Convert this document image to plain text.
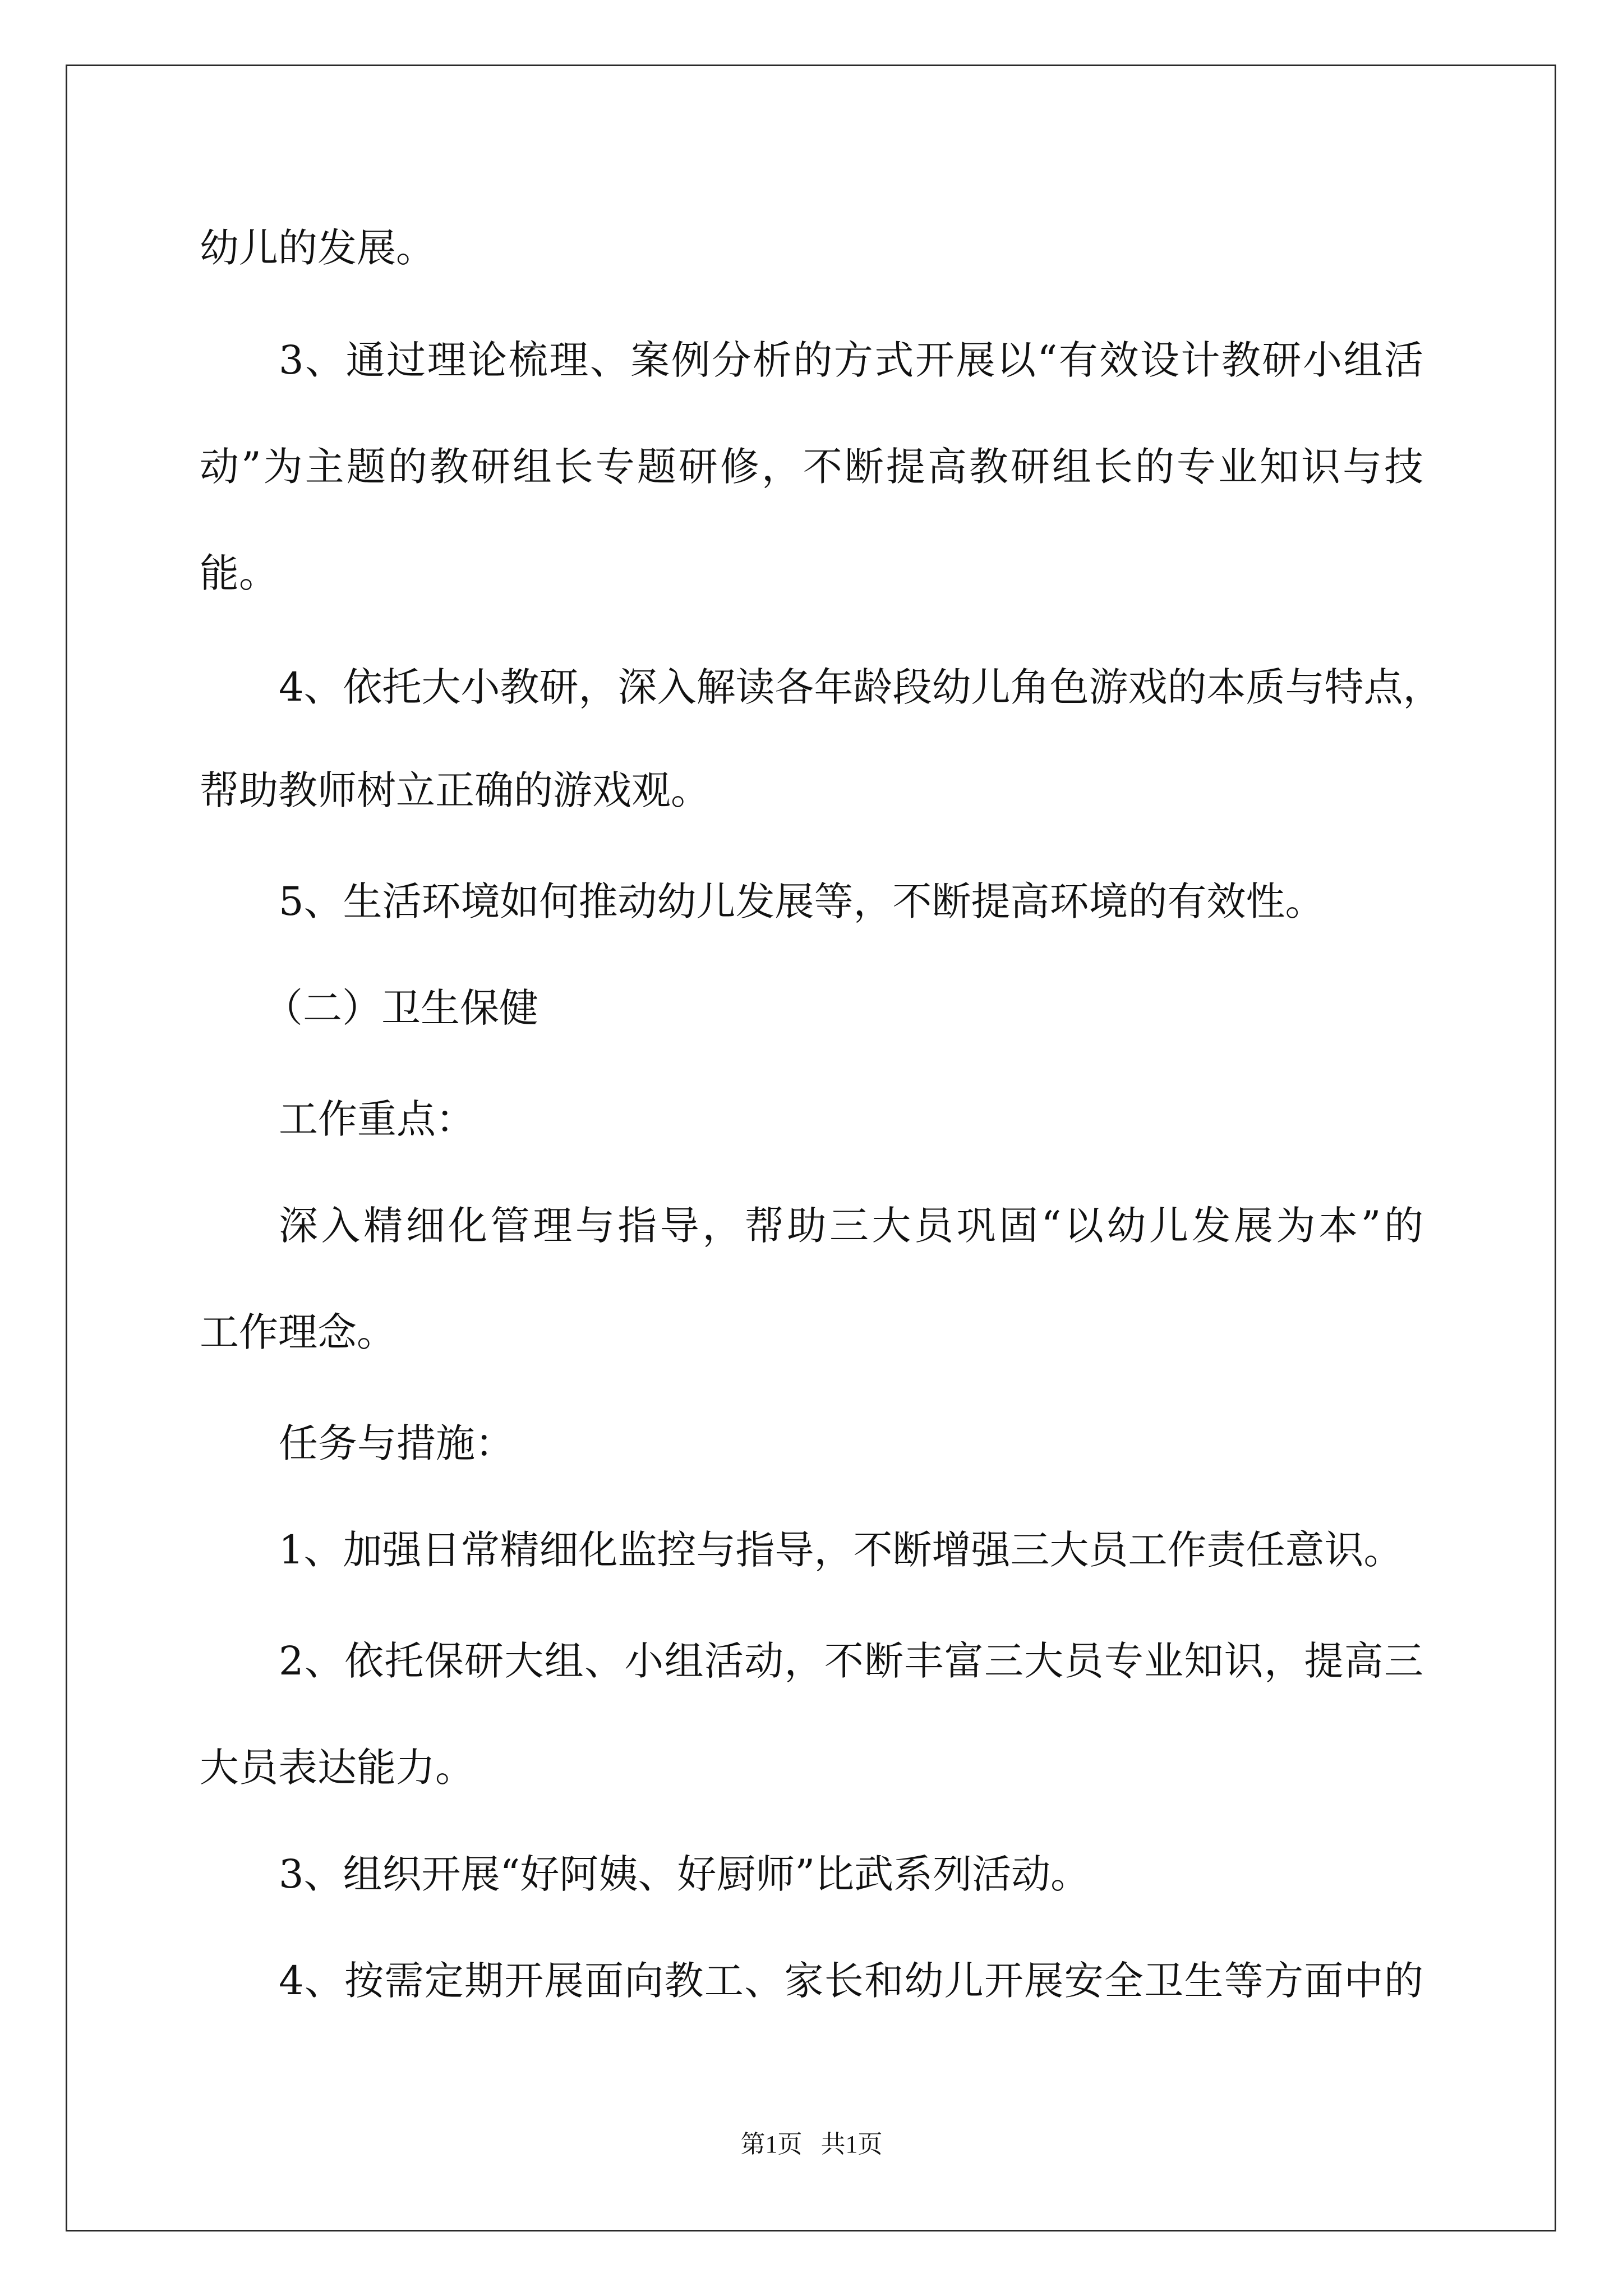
幼儿的发展。

3、通过理论梳理、案例分析的方式开展以“有效设计教研小组活

动”为主题的教研组长专题研修，不断提高教研组长的专业知识与技

能。

4、依托大小教研，深入解读各年龄段幼儿角色游戏的本质与特点，

帮助教师树立正确的游戏观。

5、生活环境如何推动幼儿发展等，不断提高环境的有效性。

（二）卫生保健

工作重点：

深入精细化管理与指导，帮助三大员巩固“以幼儿发展为本”的

工作理念。

任务与措施：

1、加强日常精细化监控与指导，不断增强三大员工作责任意识。

2、依托保研大组、小组活动，不断丰富三大员专业知识，提高三

大员表达能力。

3、组织开展“好阿姨、好厨师”比武系列活动。

4、按需定期开展面向教工、家长和幼儿开展安全卫生等方面中的

第1页   共1页
